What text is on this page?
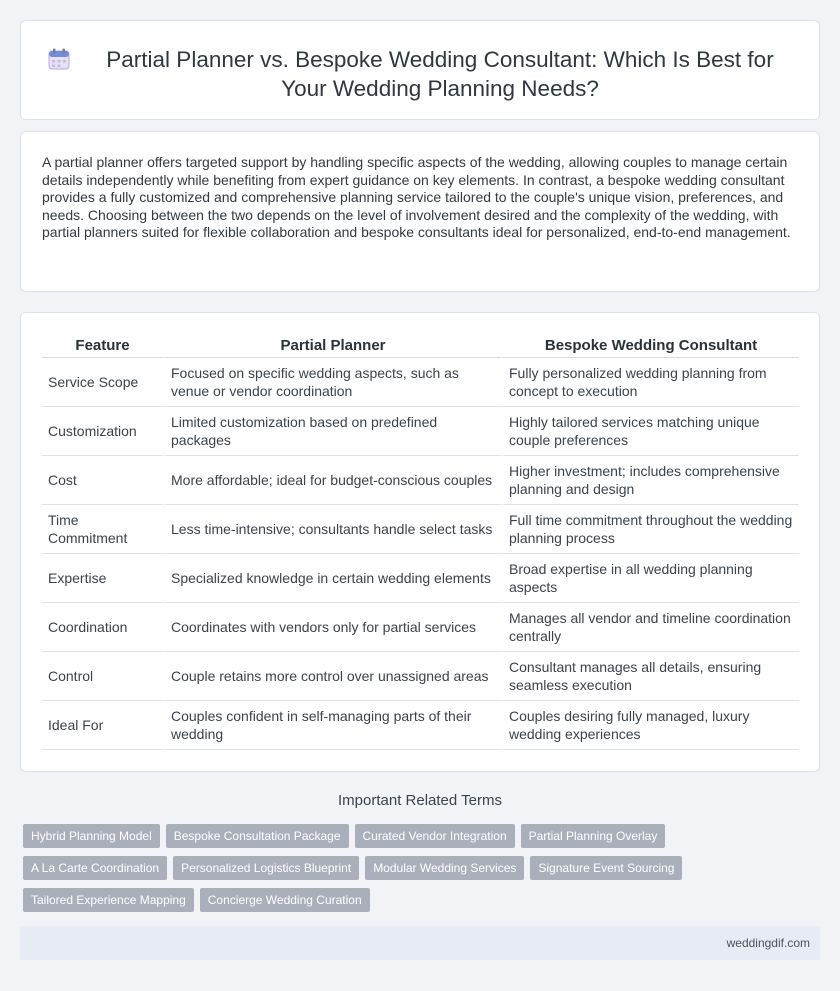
Partial Planner vs. Bespoke Wedding Consultant: Which Is Best for Your Wedding Planning Needs?

A partial planner offers targeted support by handling specific aspects of the wedding, allowing couples to manage certain details independently while benefiting from expert guidance on key elements. In contrast, a bespoke wedding consultant provides a fully customized and comprehensive planning service tailored to the couple's unique vision, preferences, and needs. Choosing between the two depends on the level of involvement desired and the complexity of the wedding, with partial planners suited for flexible collaboration and bespoke consultants ideal for personalized, end-to-end management.

Feature	Partial Planner	Bespoke Wedding Consultant
Service Scope	Focused on specific wedding aspects, such as venue or vendor coordination	Fully personalized wedding planning from concept to execution
Customization	Limited customization based on predefined packages	Highly tailored services matching unique couple preferences
Cost	More affordable; ideal for budget-conscious couples	Higher investment; includes comprehensive planning and design
Time Commitment	Less time-intensive; consultants handle select tasks	Full time commitment throughout the wedding planning process
Expertise	Specialized knowledge in certain wedding elements	Broad expertise in all wedding planning aspects
Coordination	Coordinates with vendors only for partial services	Manages all vendor and timeline coordination centrally
Control	Couple retains more control over unassigned areas	Consultant manages all details, ensuring seamless execution
Ideal For	Couples confident in self-managing parts of their wedding	Couples desiring fully managed, luxury wedding experiences
Important Related Terms
Hybrid Planning Model	Bespoke Consultation Package	Curated Vendor Integration	Partial Planning Overlay
A La Carte Coordination	Personalized Logistics Blueprint	Modular Wedding Services	Signature Event Sourcing
Tailored Experience Mapping	Concierge Wedding Curation
weddingdif.com
